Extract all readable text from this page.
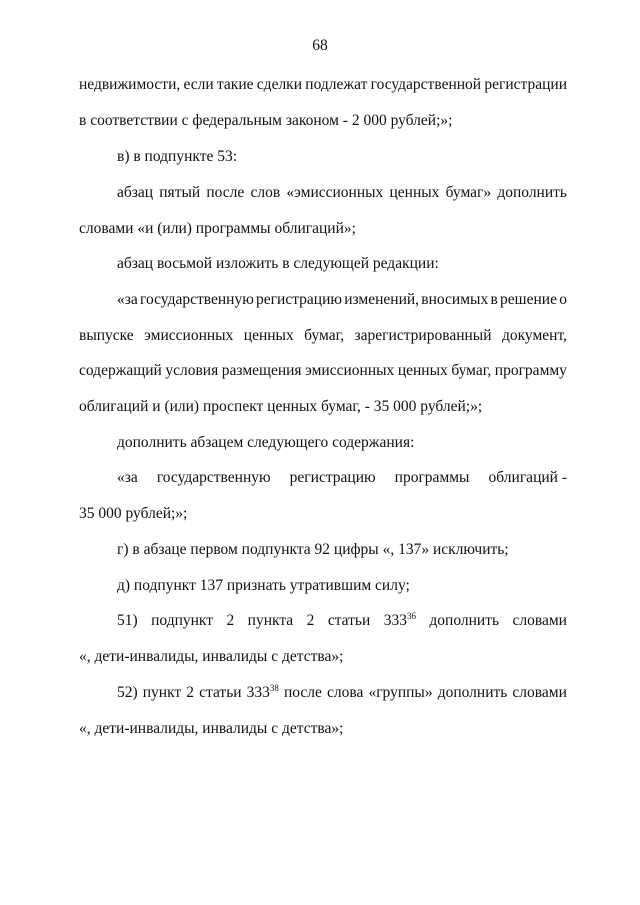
68
недвижимости, если такие сделки подлежат государственной регистрации
в соответствии с федеральным законом - 2 000 рублей;»;
в) в подпункте 53:
абзац пятый после слов «эмиссионных ценных бумаг» дополнить
словами «и (или) программы облигаций»;
абзац восьмой изложить в следующей редакции:
«за государственную регистрацию изменений, вносимых в решение о
выпуске эмиссионных ценных бумаг, зарегистрированный документ,
содержащий условия размещения эмиссионных ценных бумаг, программу
облигаций и (или) проспект ценных бумаг, - 35 000 рублей;»;
дополнить абзацем следующего содержания:
«за государственную регистрацию программы облигаций -
35 000 рублей;»;
г) в абзаце первом подпункта 92 цифры «, 137» исключить;
д) подпункт 137 признать утратившим силу;
51) подпункт 2 пункта 2 статьи $333^{36}$ дополнить словами
«, дети-инвалиды, инвалиды с детства»;
52) пункт 2 статьи $333^{38}$ после слова «группы» дополнить словами
«, дети-инвалиды, инвалиды с детства»;
